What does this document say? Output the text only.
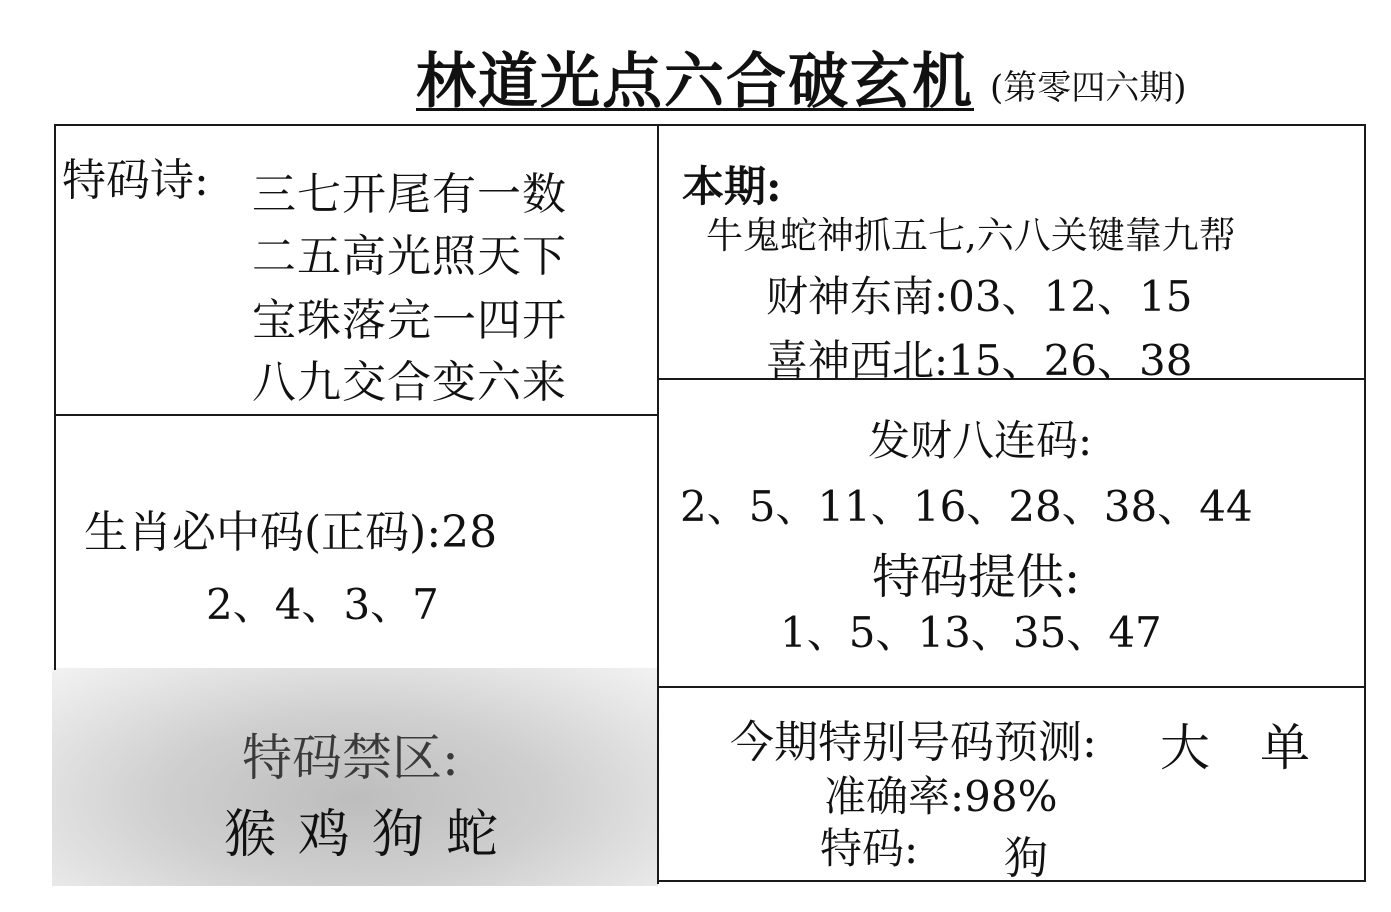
林道光点六合破玄机 (第零四六期)
特码诗: 三七开尾有一数
二五高光照天下
宝珠落完一四开
八九交合变六来
本期:
牛鬼蛇神抓五七,六八关键靠九帮
财神东南:03、12、15
喜神西北:15、26、38
生肖必中码(正码):28
2、4、3、7
发财八连码:
2、5、11、16、28、38、44
特码提供:
1、5、13、35、47
特码禁区:
猴鸡狗蛇
今期特别号码预测: 大单
准确率:98%
特码: 狗
